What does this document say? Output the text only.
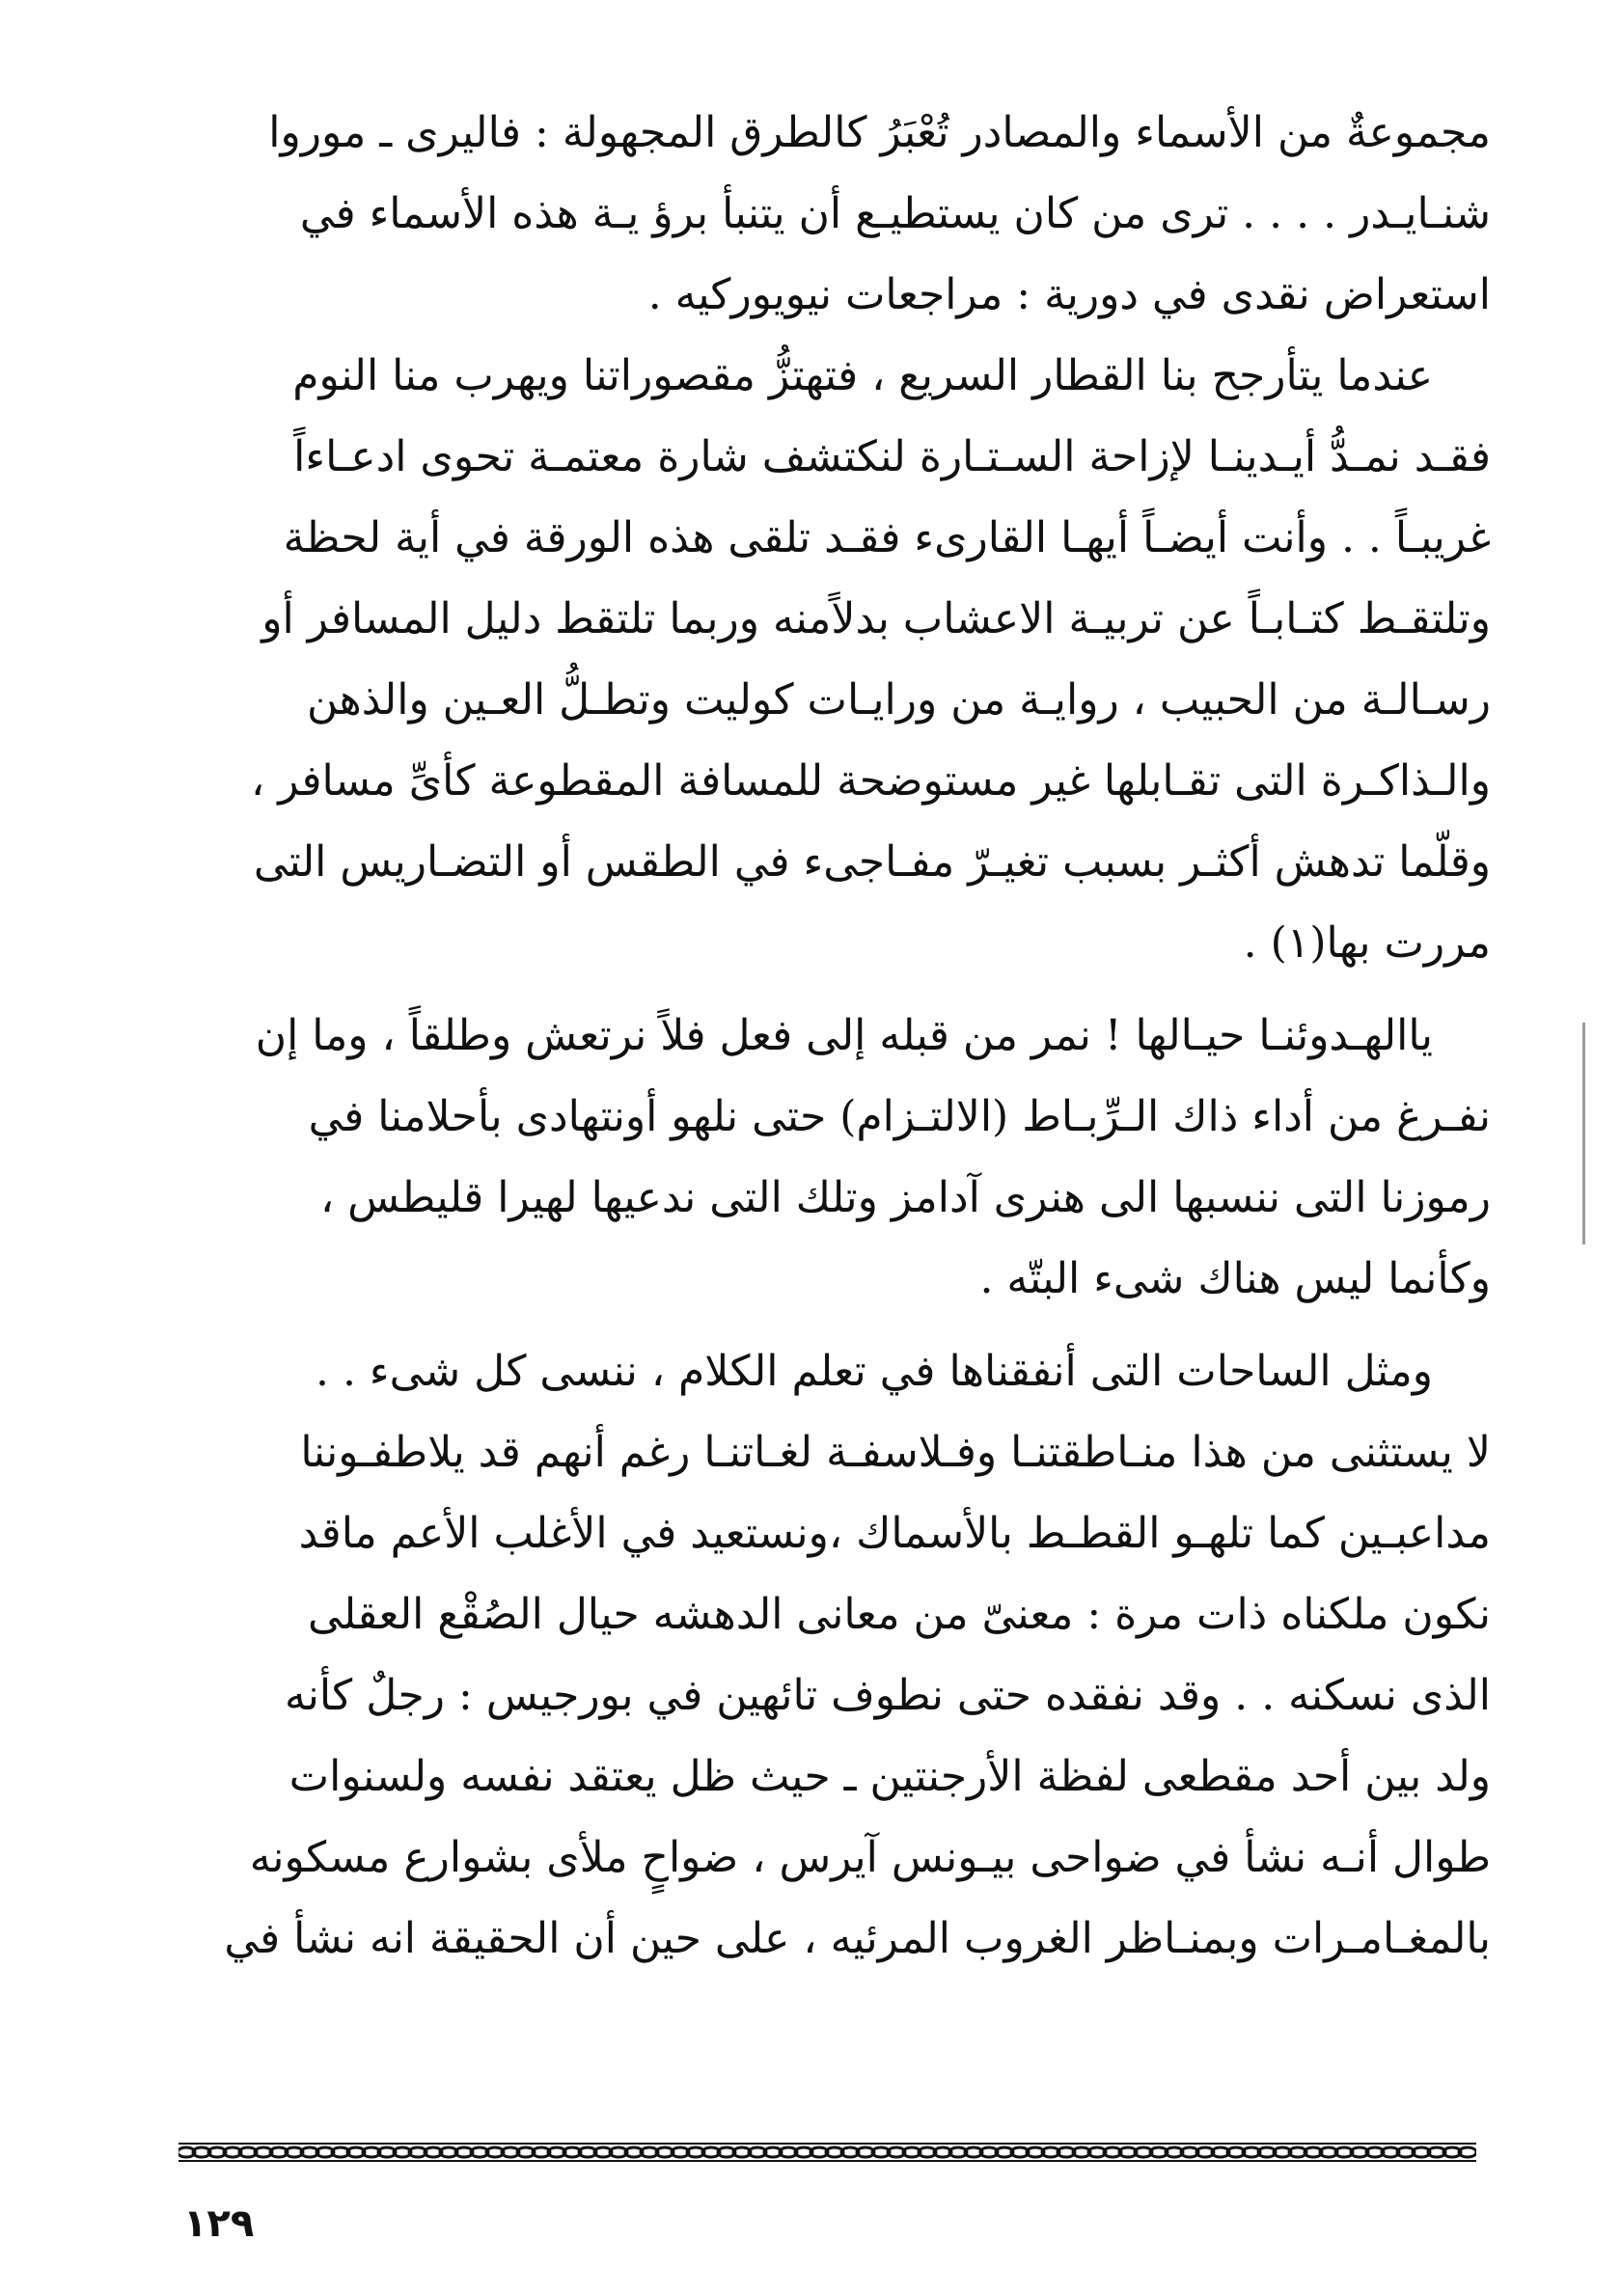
مجموعةٌ من الأسماء والمصادر تُعْبَرُ كالطرق المجهولة : فاليرى ـ موروا
شنـايـدر . . . . ترى من كان يستطيـع أن يتنبأ برؤ يـة هذه الأسماء في
استعراض نقدى في دورية : مراجعات نيويوركيه .
عندما يتأرجح بنا القطار السريع ، فتهتزُّ مقصوراتنا ويهرب منا النوم
فقـد نمـدُّ أيـدينـا لإزاحة السـتـارة لنكتشف شارة معتمـة تحوى ادعـاءاً
غريبـاً . . وأنت أيضـاً أيهـا القارىء فقـد تلقى هذه الورقة في أية لحظة
وتلتقـط كتـابـاً عن تربيـة الاعشاب بدلاًمنه وربما تلتقط دليل المسافر أو
رسـالـة من الحبيب ، روايـة من ورايـات كوليت وتطـلُّ العـين والذهن
والـذاكـرة التى تقـابلها غير مستوضحة للمسافة المقطوعة كأىِّ مسافر ،
وقلّما تدهش أكثـر بسبب تغيـرّ مفـاجىء في الطقس أو التضـاريس التى
مررت بها(١) .
ياالهـدوئنـا حيـالها ! نمر من قبله إلى فعل فلاً نرتعش وطلقاً ، وما إن
نفـرغ من أداء ذاك الـرِّبـاط (الالتـزام) حتى نلهو أونتهادى بأحلامنا في
رموزنا التى ننسبها الى هنرى آدامز وتلك التى ندعيها لهيرا قليطس ،
وكأنما ليس هناك شىء البتّه .
ومثل الساحات التى أنفقناها في تعلم الكلام ، ننسى كل شىء . .
لا يستثنى من هذا منـاطقتنـا وفـلاسفـة لغـاتنـا رغم أنهم قد يلاطفـوننا
مداعبـين كما تلهـو القطـط بالأسماك ،ونستعيد في الأغلب الأعم ماقد
نكون ملكناه ذات مرة : معنىّ من معانى الدهشه حيال الصُقْع العقلى
الذى نسكنه . . وقد نفقده حتى نطوف تائهين في بورجيس : رجلٌ كأنه
ولد بين أحد مقطعى لفظة الأرجنتين ـ حيث ظل يعتقد نفسه ولسنوات
طوال أنـه نشأ في ضواحى بيـونس آيرس ، ضواحٍ ملأى بشوارع مسكونه
بالمغـامـرات وبمنـاظر الغروب المرئيه ، على حين أن الحقيقة انه نشأ في
١٢٩
